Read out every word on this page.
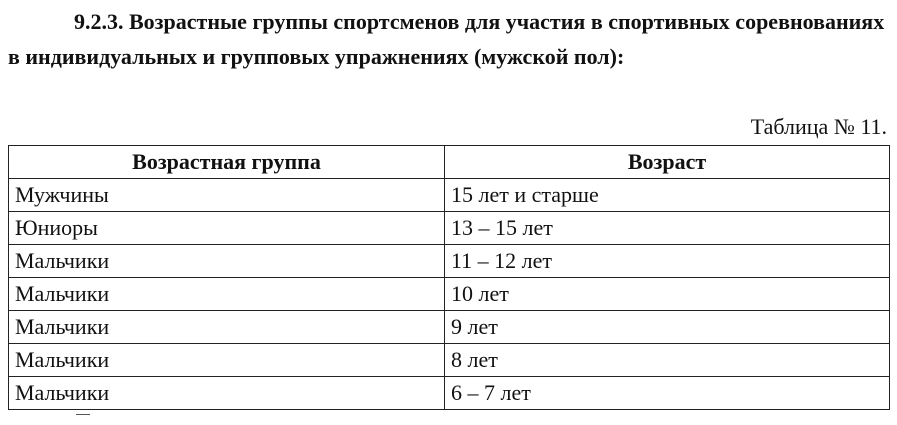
9.2.3. Возрастные группы спортсменов для участия в спортивных соревнованиях в индивидуальных и групповых упражнениях (мужской пол):

Таблица № 11.
Возрастная группа	Возраст
Мужчины	15 лет и старше
Юниоры	13 – 15 лет
Мальчики	11 – 12 лет
Мальчики	10 лет
Мальчики	9 лет
Мальчики	8 лет
Мальчики	6 – 7 лет
